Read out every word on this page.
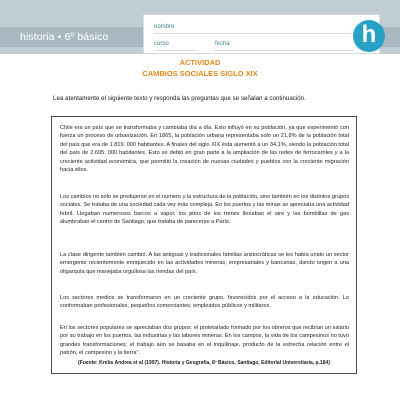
historia • 6º básico
nombre
curso	fecha	h
ACTIVIDAD
CAMBIOS SOCIALES SIGLO XIX
Lea atentamente el siguiente texto y responda las preguntas que se señalan a continuación.

Chile era un país que se transformaba y cambiaba día a día. Esto influyó en su población, ya que experimentó con fuerza un proceso de urbanización. En 1865, la población urbana representaba solo un 21,8% de la población total del país que era de 1.819. 000 habitantes. A finales del siglo XIX ésta aumentó a un 34,1%, siendo la población total del país de 2.695. 000 habitantes. Esto se debió en gran parte a la ampliación de las redes de ferrocarriles y a la creciente actividad económica, que permitió la creación de nuevas ciudades y pueblos con la creciente migración hacia ellos.

Los cambios no sólo se produjeron en el número y la estructura de la población, sino también en los distintos grupos sociales. Se trataba de una sociedad cada vez más compleja. En los puertos y las minas se apreciaba una actividad febril. Llegaban numerosos barcos a vapor, los pitos de los trenes llenaban el aire y las bombillas de gas alumbraban el centro de Santiago, que trataba de parecerse a París.

La clase dirigente también cambió. A las antiguas y tradicionales familias aristocráticas se les había unido un sector emergente recientemente enriquecido en las actividades mineras, empresariales y bancarias, dando origen a una oligarquía que manejaba orgullosa las riendas del país.

Los sectores medios se transformaron en un creciente grupo, favorecidos por el acceso a la educación. Lo conformaban profesionales, pequeños comerciantes, empleados públicos y militares.

En los sectores populares se apreciaban dos grupos: el proletariado formado por los obreros que recibían un salario por su trabajo en los puertos, las industrias y las labores mineras. En los campos, la vida de los campesinos no tuvo grandes transformaciones; el trabajo aún se basaba en el inquilinaje, producto de la estrecha relación entre el patrón, el campesino y la tierra".

(Fuente: Krebs Andrea et al (1997). Historia y Geografía, 8º Básico, Santiago, Editorial Universitaria, p.184)
